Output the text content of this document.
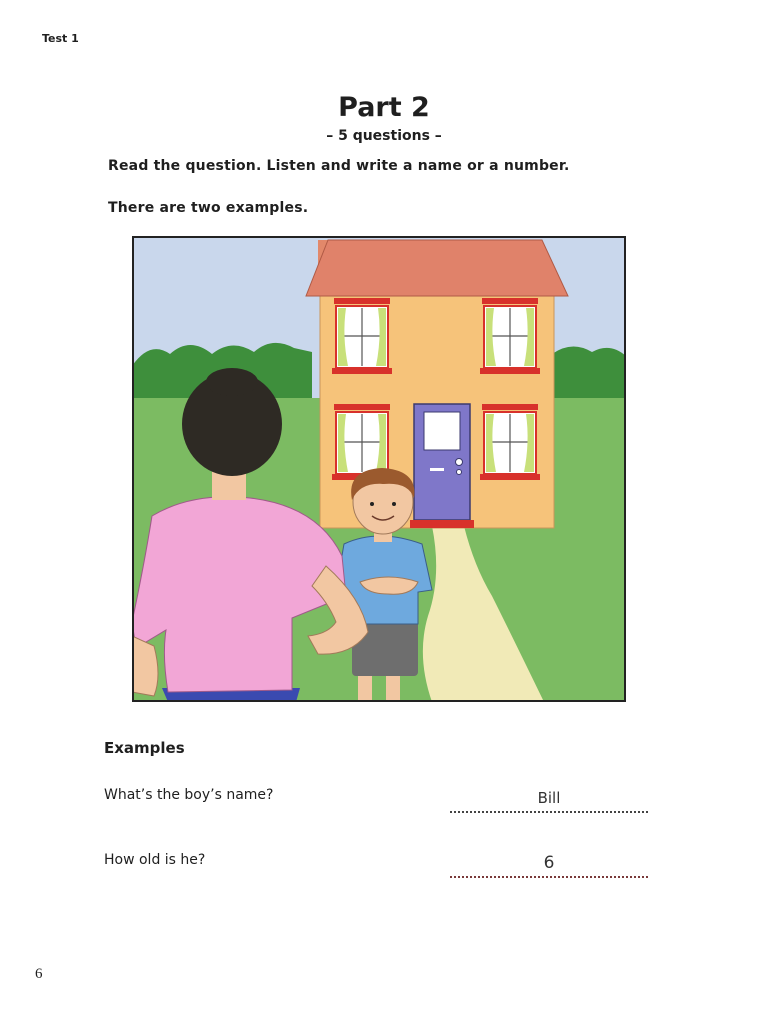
Test 1
Part 2
– 5 questions –
Read the question. Listen and write a name or a number.
There are two examples.
Examples
What’s the boy’s name?	Bill
How old is he?	6
6
